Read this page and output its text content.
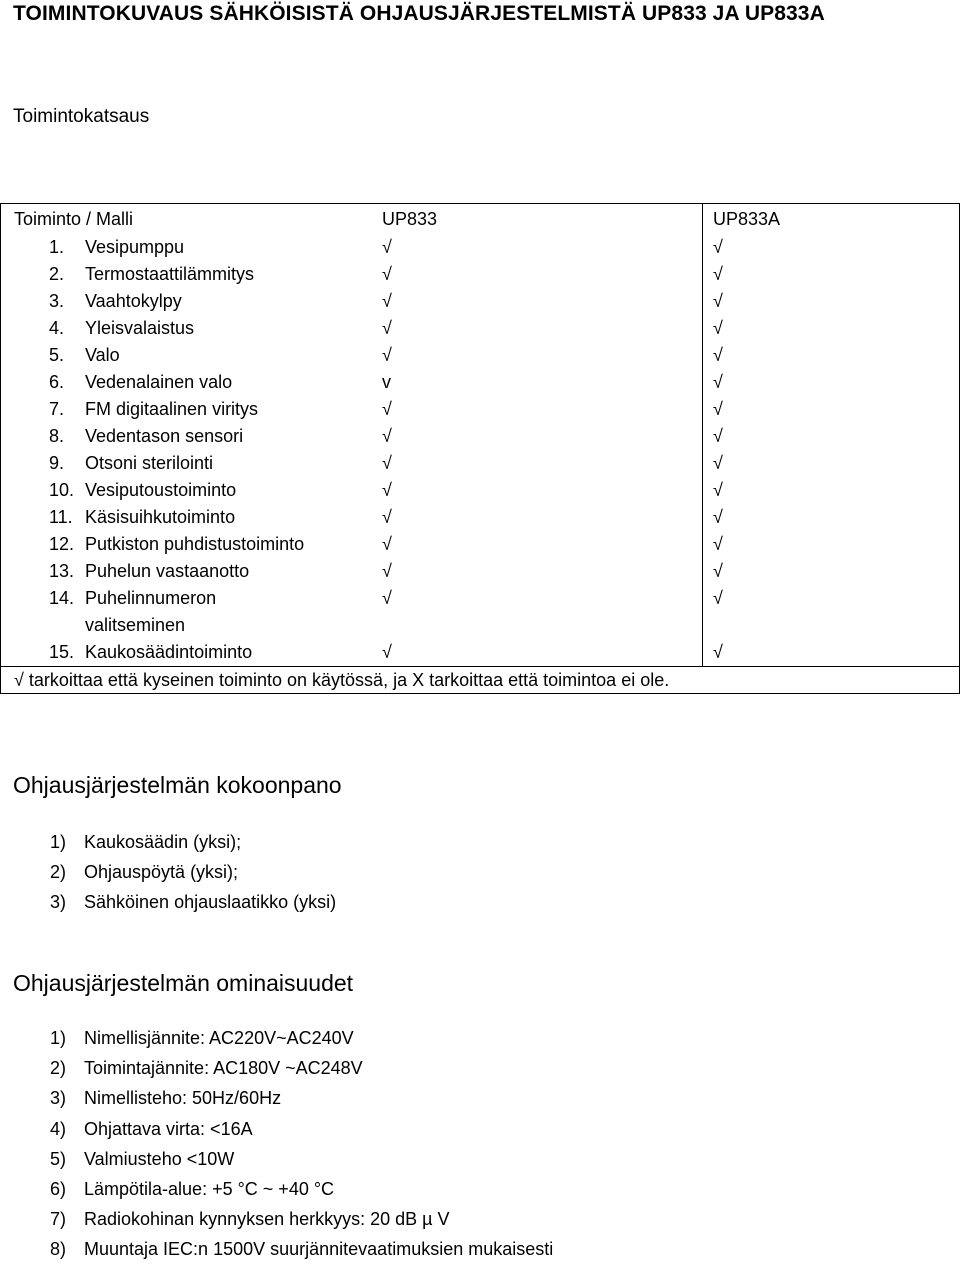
TOIMINTOKUVAUS SÄHKÖISISTÄ OHJAUSJÄRJESTELMISTÄ UP833 JA UP833A
Toimintokatsaus
Toiminto / Malli	UP833	UP833A
1. Vesipumppu	√	√
2. Termostaattilämmitys	√	√
3. Vaahtokylpy	√	√
4. Yleisvalaistus	√	√
5. Valo	√	√
6. Vedenalainen valo	v	√
7. FM digitaalinen viritys	√	√
8. Vedentason sensori	√	√
9. Otsoni sterilointi	√	√
10. Vesiputoustoiminto	√	√
11. Käsisuihkutoiminto	√	√
12. Putkiston puhdistustoiminto	√	√
13. Puhelun vastaanotto	√	√
14. Puhelinnumeron valitseminen	√	√
15. Kaukosäädintoiminto	√	√
√ tarkoittaa että kyseinen toiminto on käytössä, ja X tarkoittaa että toimintoa ei ole.		
Ohjausjärjestelmän kokoonpano
1) Kaukosäädin (yksi);
2) Ohjauspöytä (yksi);
3) Sähköinen ohjauslaatikko (yksi)
Ohjausjärjestelmän ominaisuudet
1) Nimellisjännite: AC220V~AC240V
2) Toimintajännite: AC180V ~AC248V
3) Nimellisteho: 50Hz/60Hz
4) Ohjattava virta: <16A
5) Valmiusteho <10W
6) Lämpötila-alue: +5 °C ~ +40 °C
7) Radiokohinan kynnyksen herkkyys: 20 dB µ V
8) Muuntaja IEC:n 1500V suurjännitevaatimuksien mukaisesti
